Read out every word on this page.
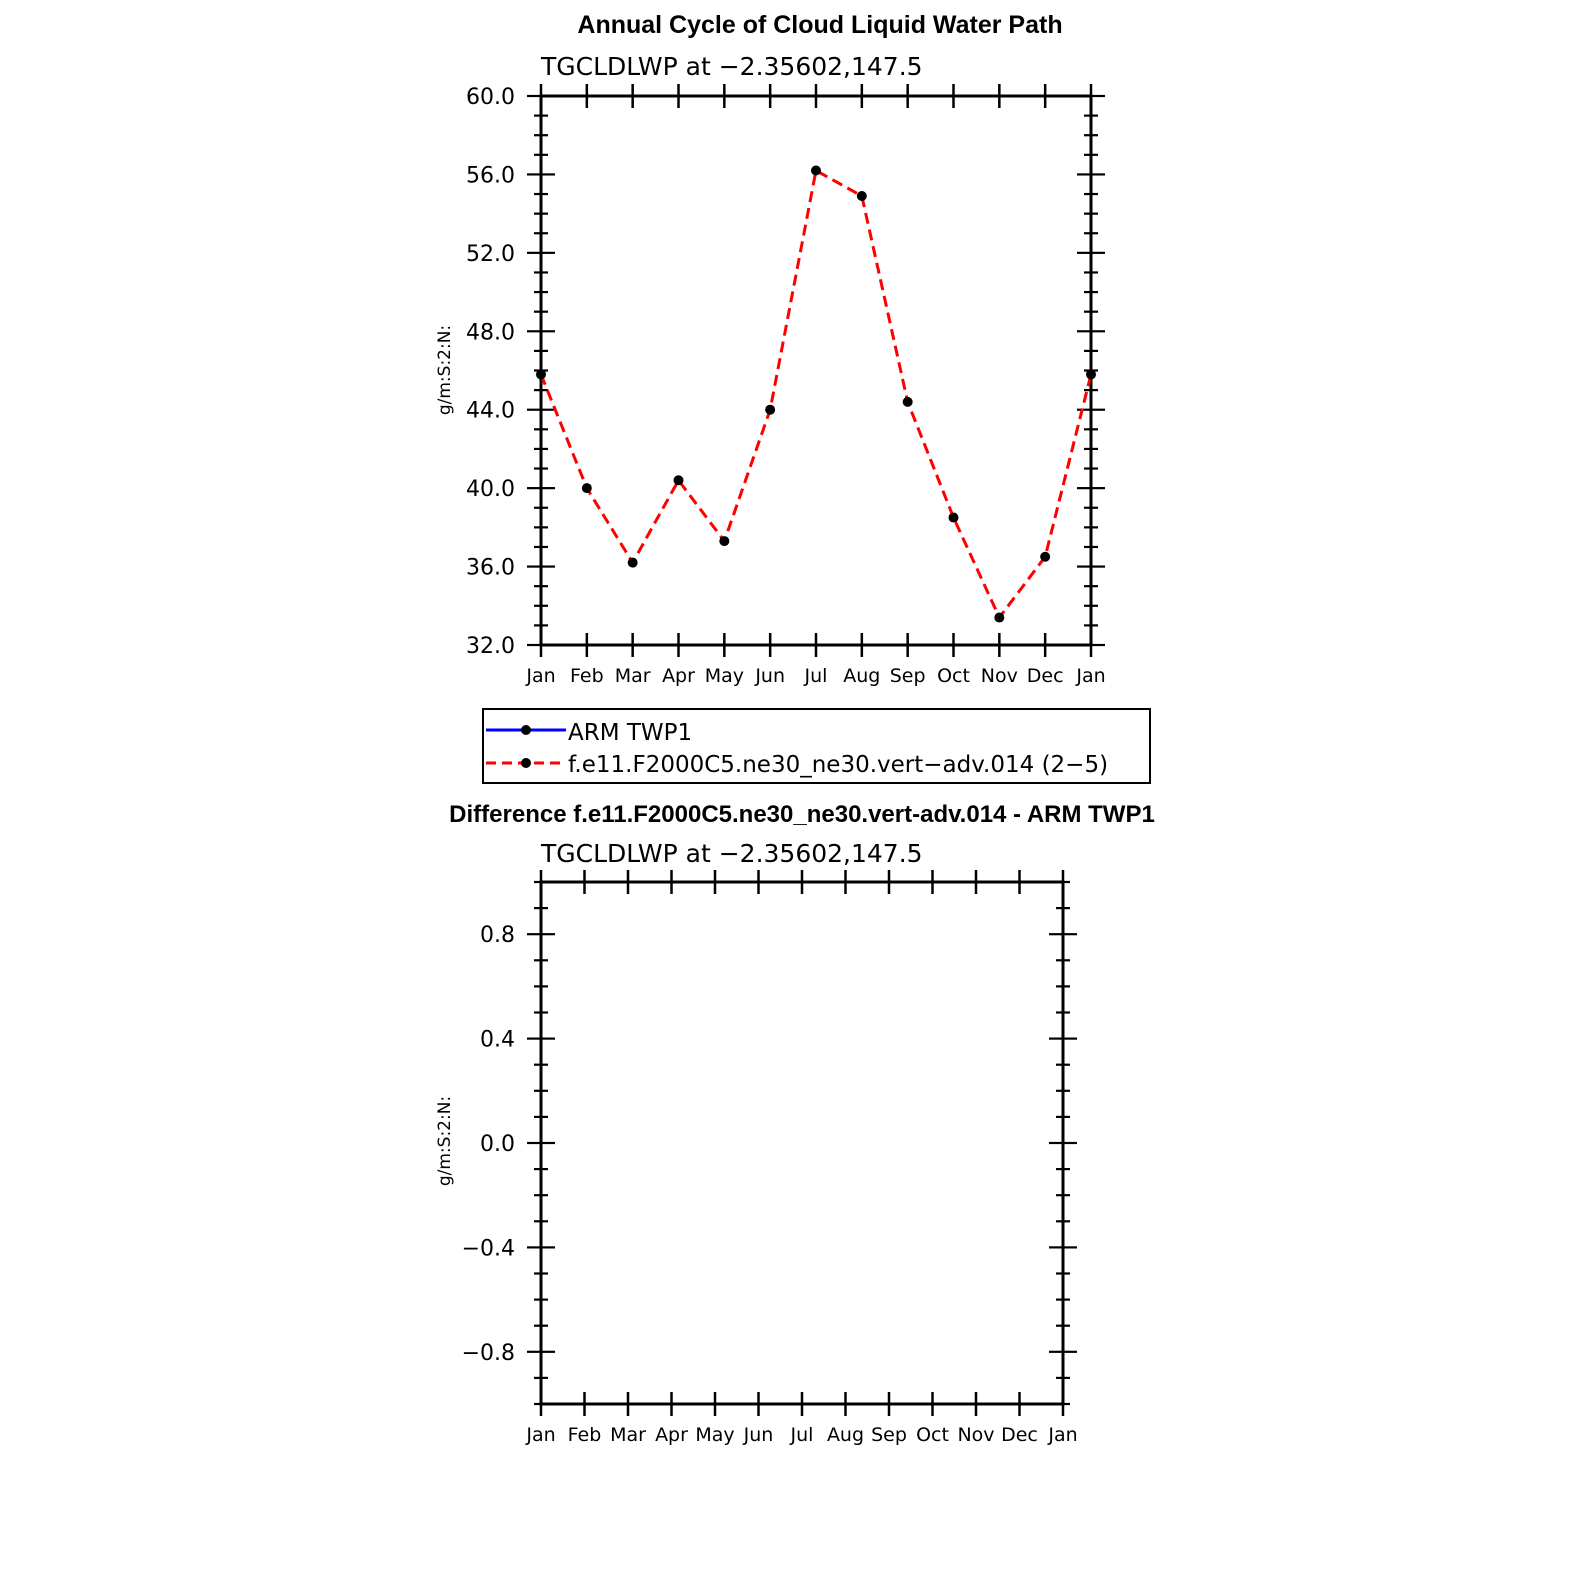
Annual Cycle of Cloud Liquid Water Path
TGCLDLWP at −2.35602,147.5
g/m:S:2:N:
32.0
36.0
40.0
44.0
48.0
52.0
56.0
60.0
Jan Feb Mar Apr May Jun Jul Aug Sep Oct Nov Dec Jan
ARM TWP1
f.e11.F2000C5.ne30_ne30.vert−adv.014 (2−5)
Difference f.e11.F2000C5.ne30_ne30.vert-adv.014 - ARM TWP1
TGCLDLWP at −2.35602,147.5
g/m:S:2:N:
−0.8
−0.4
0.0
0.4
0.8
Jan Feb Mar Apr May Jun Jul Aug Sep Oct Nov Dec Jan
